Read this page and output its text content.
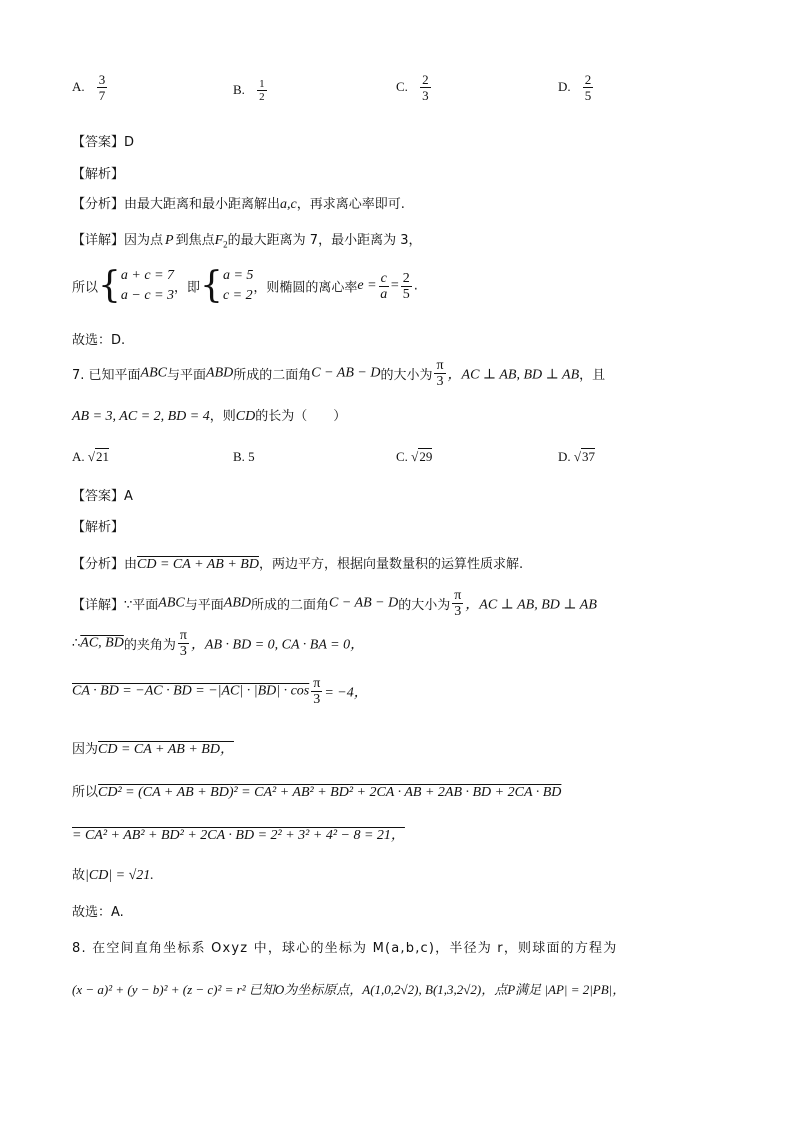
A. $\frac{3}{7}$	B. $\frac{1}{2}$	C. $\frac{2}{3}$	D. $\frac{2}{5}$
【答案】D
【解析】
【分析】由最大距离和最小距离解出a,c，再求离心率即可.
【详解】因为点 P 到焦点$F_2$的最大距离为 7，最小距离为 3，
所以{ a + c = 7
a − c = 3 ，即{ a = 5
c = 2 ，则椭圆的离心率$e = \frac{c}{a} = \frac{2}{5}$ .
故选：D.
7. 已知平面ABC与平面ABD所成的二面角C − AB − D的大小为 $\frac{\pi}{3}$ ，AC ⊥ AB, BD ⊥ AB，且
AB = 3, AC = 2, BD = 4，则CD的长为（　　）
A. √21	B. 5	C. √29	D. √37
【答案】A
【解析】
【分析】由CD = CA + AB + BD，两边平方，根据向量数量积的运算性质求解.
【详解】∵平面ABC与平面ABD所成的二面角C − AB − D的大小为 $\frac{\pi}{3}$ ，AC ⊥ AB, BD ⊥ AB
∴AC, BD的夹角为 $\frac{\pi}{3}$ ，AB · BD = 0, CA · BA = 0，
CA · BD = −AC · BD = $-|AC| \cdot |BD| \cdot \cos \frac{\pi}{3} = -4$，
因为CD = CA + AB + BD，
所以CD² = (CA + AB + BD)² = CA² + AB² + BD² + 2CA · AB + 2AB · BD + 2CA · BD
= CA² + AB² + BD² + 2CA · BD = 2² + 3² + 4² − 8 = 21，
故|CD| = √21.
故选：A.
8. 在空间直角坐标系 Oxyz 中，球心的坐标为 M(a,b,c)，半径为 r，则球面的方程为
(x − a)² + (y − b)² + (z − c)² = r² 已知O为坐标原点，A(1,0,2√2), B(1,3,2√2)，点P满足 |AP| = 2|PB|，
